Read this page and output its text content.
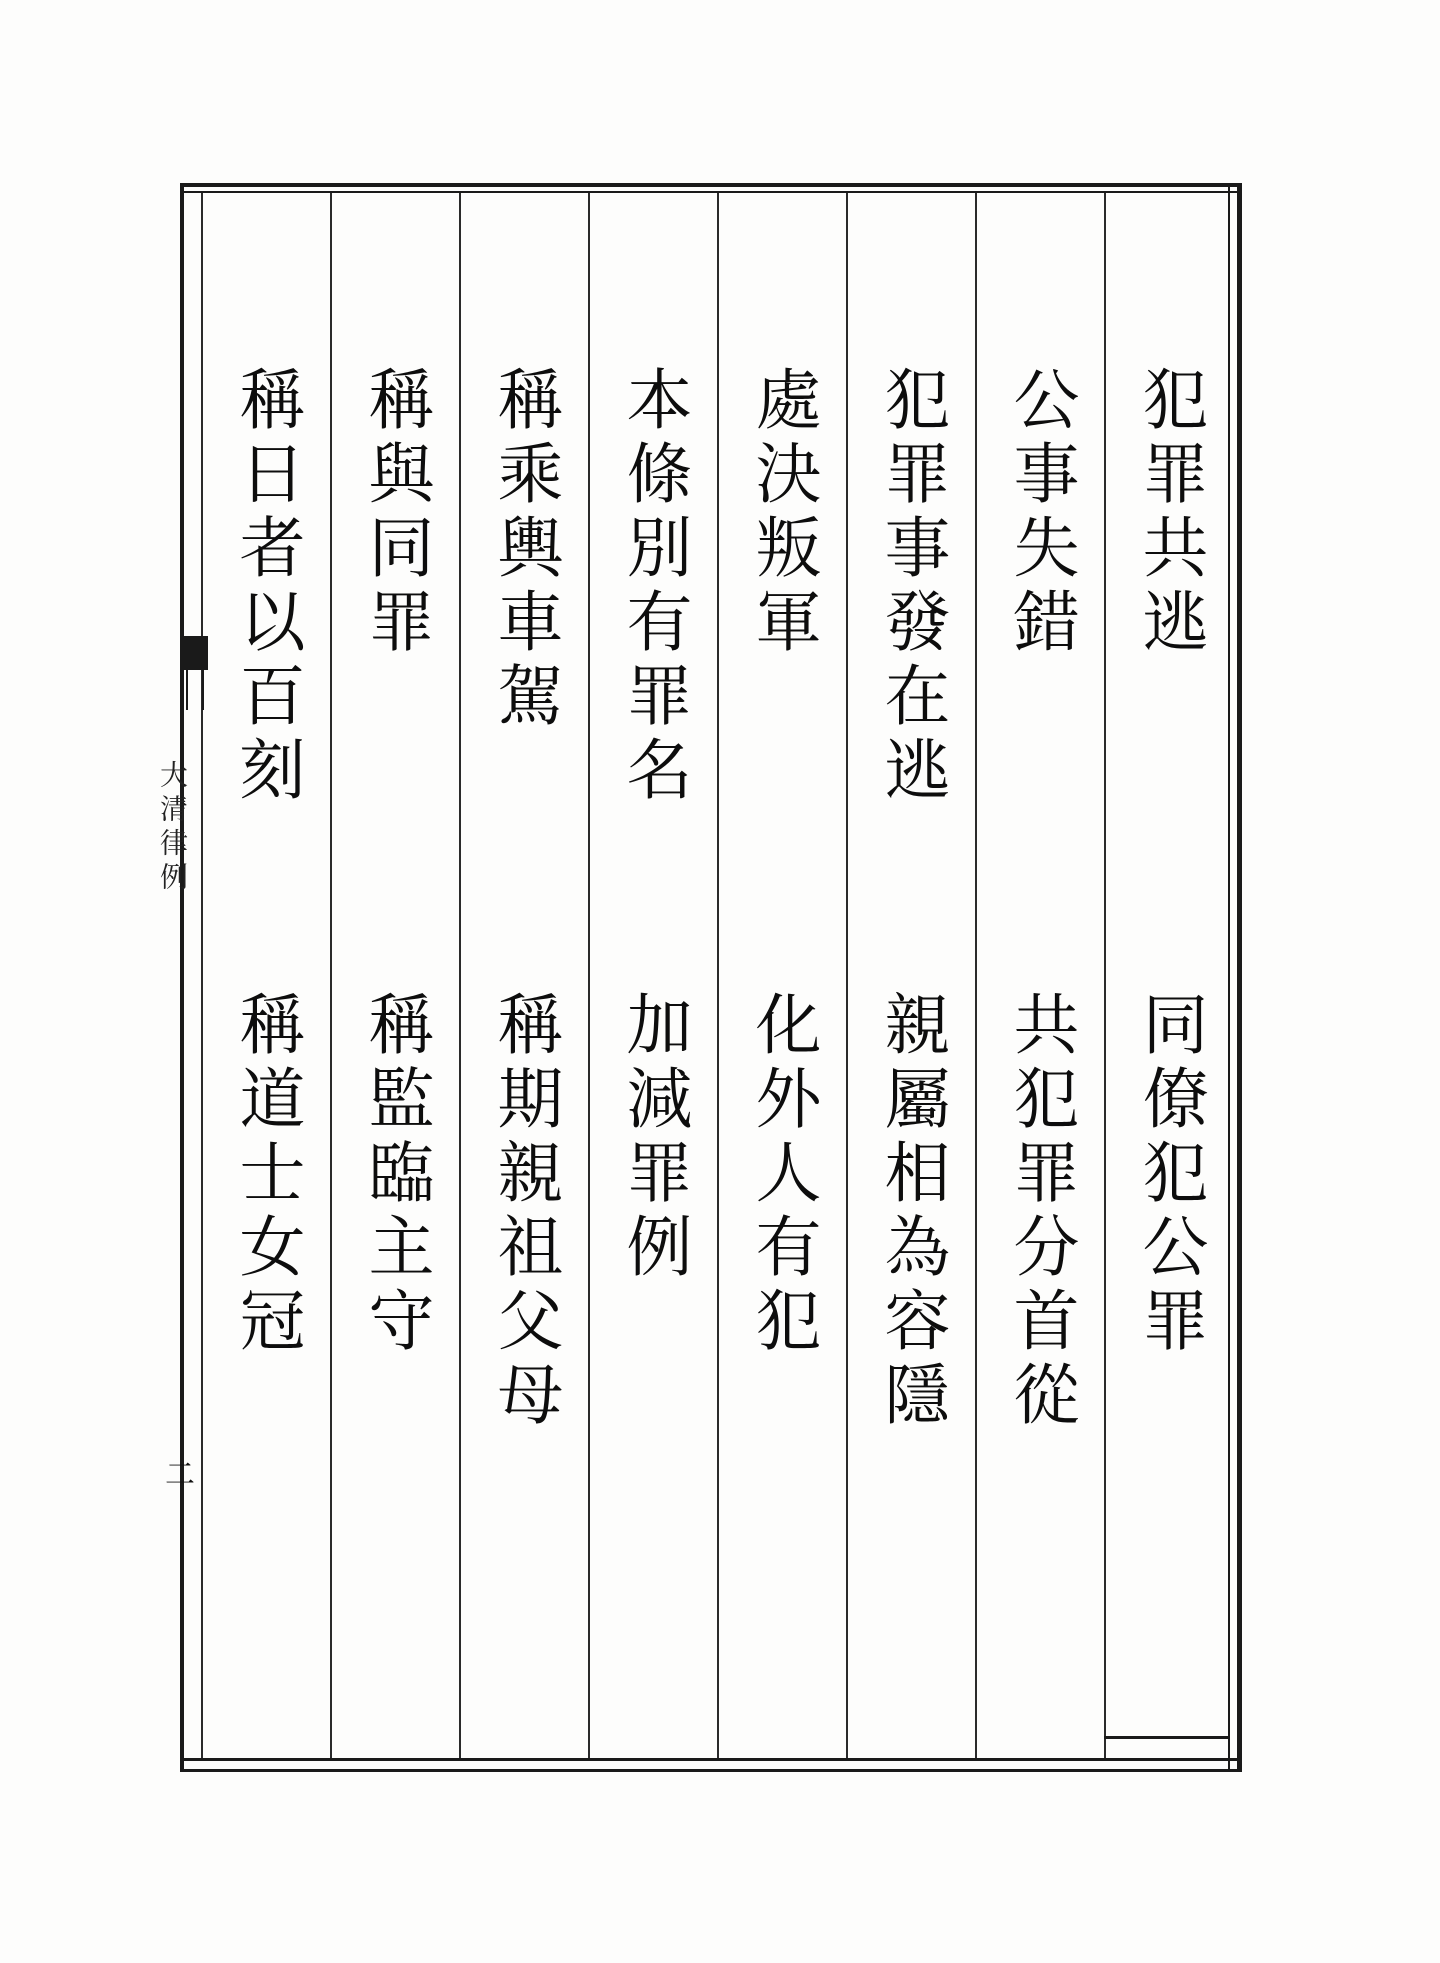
大清律例
二
犯罪共逃
同僚犯公罪
公事失錯
共犯罪分首從
犯罪事發在逃
親屬相為容隱
處決叛軍
化外人有犯
本條別有罪名
加減罪例
稱乘輿車駕
稱期親祖父母
稱與同罪
稱監臨主守
稱日者以百刻
稱道士女冠
